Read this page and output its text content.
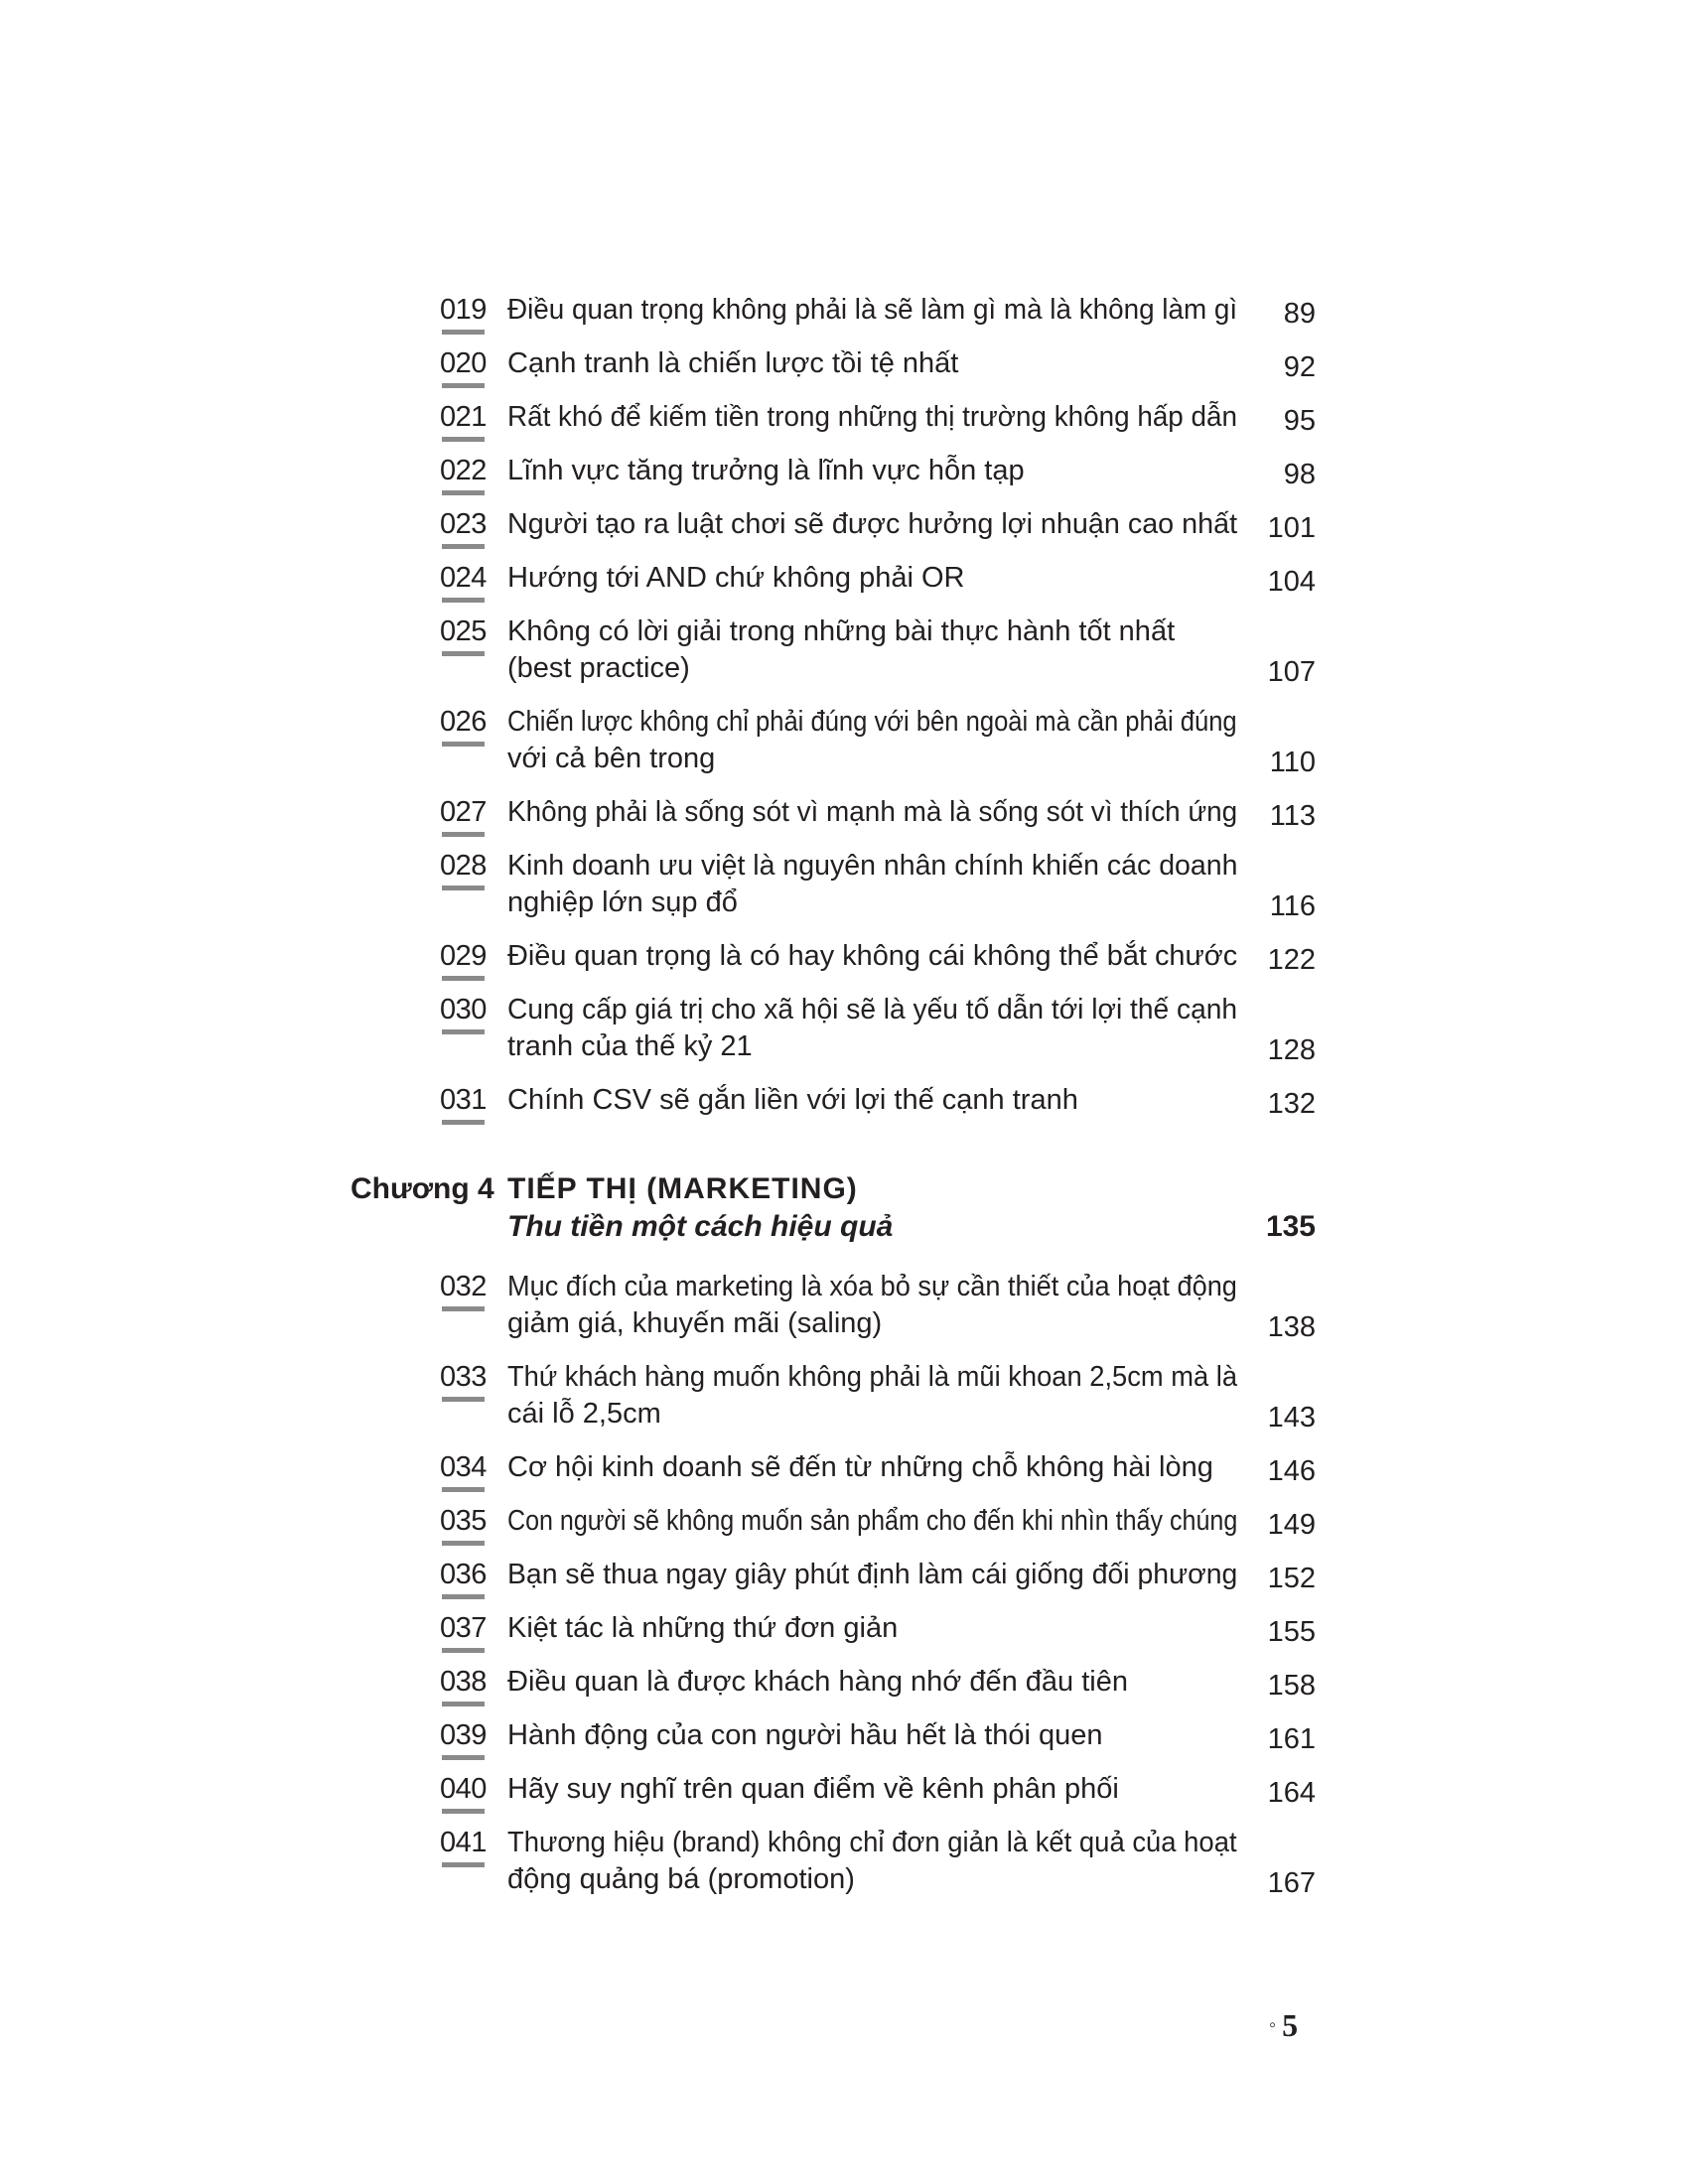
019 Điều quan trọng không phải là sẽ làm gì mà là không làm gì 89
020 Cạnh tranh là chiến lược tồi tệ nhất	92
021 Rất khó để kiếm tiền trong những thị trường không hấp dẫn 95
022 Lĩnh vực tăng trưởng là lĩnh vực hỗn tạp	98
023 Người tạo ra luật chơi sẽ được hưởng lợi nhuận cao nhất 101
024 Hướng tới AND chứ không phải OR	104
025 Không có lời giải trong những bài thực hành tốt nhất
(best practice)	107
026 Chiến lược không chỉ phải đúng với bên ngoài mà cần phải đúng
với cả bên trong	110
027 Không phải là sống sót vì mạnh mà là sống sót vì thích ứng 113
028 Kinh doanh ưu việt là nguyên nhân chính khiến các doanh
nghiệp lớn sụp đổ	116
029 Điều quan trọng là có hay không cái không thể bắt chước 122
030 Cung cấp giá trị cho xã hội sẽ là yếu tố dẫn tới lợi thế cạnh
tranh của thế kỷ 21	128
031 Chính CSV sẽ gắn liền với lợi thế cạnh tranh	132
Chương 4 TIẾP THỊ (MARKETING)
Thu tiền một cách hiệu quả	135
032 Mục đích của marketing là xóa bỏ sự cần thiết của hoạt động
giảm giá, khuyến mãi (saling)	138
033 Thứ khách hàng muốn không phải là mũi khoan 2,5cm mà là
cái lỗ 2,5cm	143
034 Cơ hội kinh doanh sẽ đến từ những chỗ không hài lòng	146
035 Con người sẽ không muốn sản phẩm cho đến khi nhìn thấy chúng 149
036 Bạn sẽ thua ngay giây phút định làm cái giống đối phương 152
037 Kiệt tác là những thứ đơn giản	155
038 Điều quan là được khách hàng nhớ đến đầu tiên	158
039 Hành động của con người hầu hết là thói quen	161
040 Hãy suy nghĩ trên quan điểm về kênh phân phối	164
041 Thương hiệu (brand) không chỉ đơn giản là kết quả của hoạt
động quảng bá (promotion)	167
◦ 5
